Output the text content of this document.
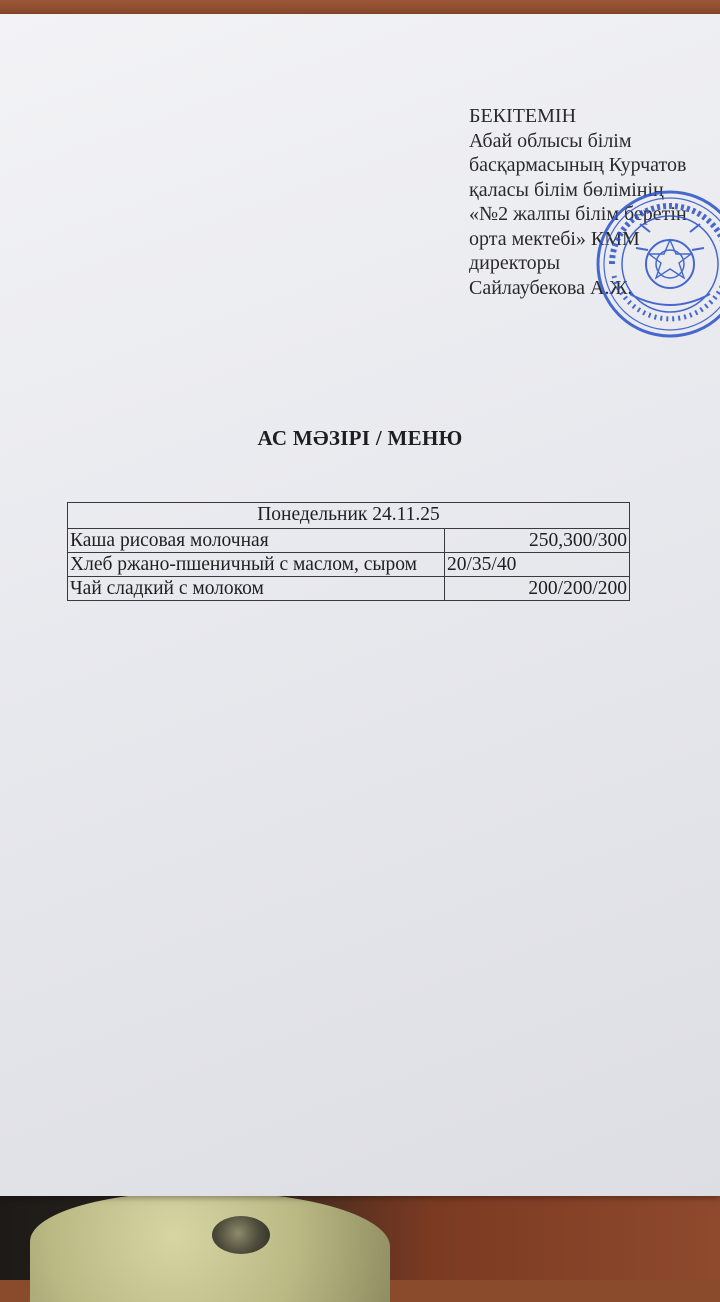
БЕКІТЕМІН
Абай облысы білім
басқармасының Курчатов
қаласы білім бөлімінің
«№2 жалпы білім беретін
орта мектебі» КММ
директоры
Сайлаубекова А.Ж.
АС МӘЗІРІ / МЕНЮ
Понедельник 24.11.25	
Каша рисовая молочная	250,300/300
Хлеб ржано-пшеничный с маслом, сыром	20/35/40
Чай сладкий с молоком	200/200/200
